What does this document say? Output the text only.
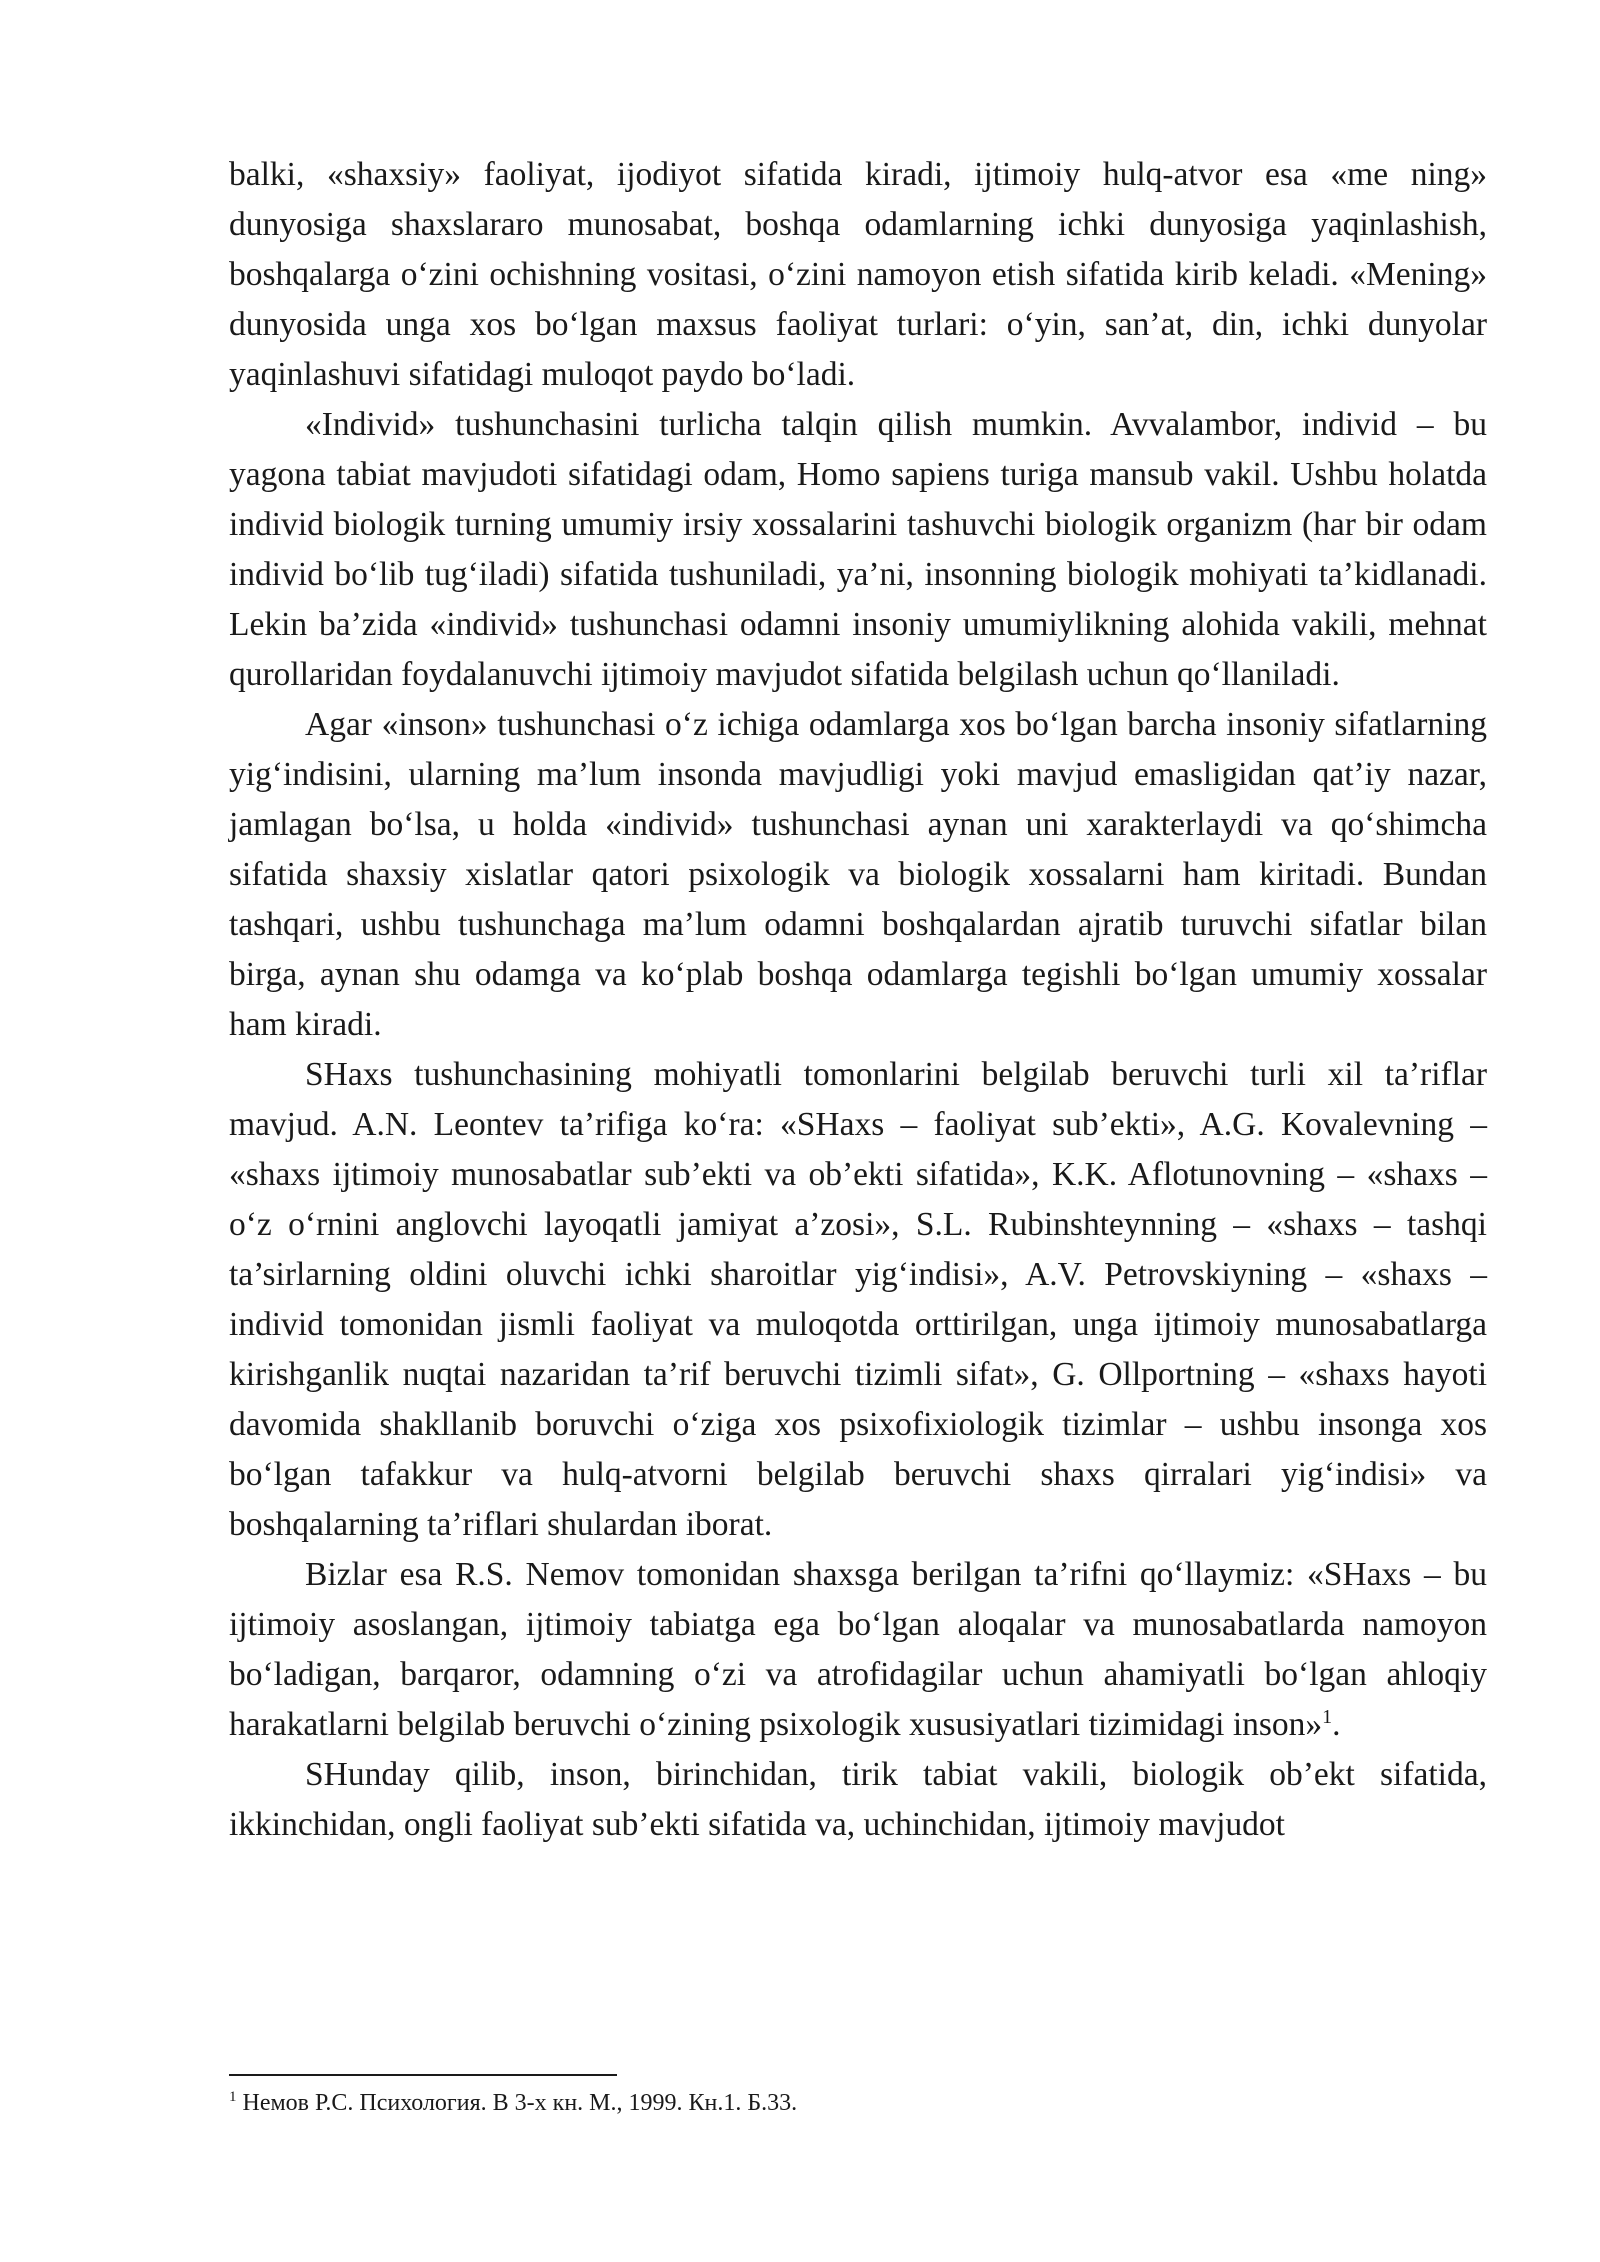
balki, «shaxsiy» faoliyat, ijodiyot sifatida kiradi, ijtimoiy hulq-atvor esa «me ning» dunyosiga shaxslararo munosabat, boshqa odamlarning ichki dunyosiga yaqinlashish, boshqalarga o‘zini ochishning vositasi, o‘zini namoyon etish sifatida kirib keladi. «Mening» dunyosida unga xos bo‘lgan maxsus faoliyat turlari: o‘yin, san’at, din, ichki dunyolar yaqinlashuvi sifatidagi muloqot paydo bo‘ladi.

«Individ» tushunchasini turlicha talqin qilish mumkin. Avvalambor, individ – bu yagona tabiat mavjudoti sifatidagi odam, Homo sapiens turiga mansub vakil. Ushbu holatda individ biologik turning umumiy irsiy xossalarini tashuvchi biologik organizm (har bir odam individ bo‘lib tug‘iladi) sifatida tushuniladi, ya’ni, insonning biologik mohiyati ta’kidlanadi. Lekin ba’zida «individ» tushunchasi odamni insoniy umumiylikning alohida vakili, mehnat qurollaridan foydalanuvchi ijtimoiy mavjudot sifatida belgilash uchun qo‘llaniladi.

Agar «inson» tushunchasi o‘z ichiga odamlarga xos bo‘lgan barcha insoniy sifatlarning yig‘indisini, ularning ma’lum insonda mavjudligi yoki mavjud emasligidan qat’iy nazar, jamlagan bo‘lsa, u holda «individ» tushunchasi aynan uni xarakterlaydi va qo‘shimcha sifatida shaxsiy xislatlar qatori psixologik va biologik xossalarni ham kiritadi. Bundan tashqari, ushbu tushunchaga ma’lum odamni boshqalardan ajratib turuvchi sifatlar bilan birga, aynan shu odamga va ko‘plab boshqa odamlarga tegishli bo‘lgan umumiy xossalar ham kiradi.

SHaxs tushunchasining mohiyatli tomonlarini belgilab beruvchi turli xil ta’riflar mavjud. A.N. Leontev ta’rifiga ko‘ra: «SHaxs – faoliyat sub’ekti», A.G. Kovalevning – «shaxs ijtimoiy munosabatlar sub’ekti va ob’ekti sifatida», K.K. Aflotunovning – «shaxs – o‘z o‘rnini anglovchi layoqatli jamiyat a’zosi», S.L. Rubinshteynning – «shaxs – tashqi ta’sirlarning oldini oluvchi ichki sharoitlar yig‘indisi», A.V. Petrovskiyning – «shaxs – individ tomonidan jismli faoliyat va muloqotda orttirilgan, unga ijtimoiy munosabatlarga kirishganlik nuqtai nazaridan ta’rif beruvchi tizimli sifat», G. Ollportning – «shaxs hayoti davomida shakllanib boruvchi o‘ziga xos psixofixiologik tizimlar – ushbu insonga xos bo‘lgan tafakkur va hulq-atvorni belgilab beruvchi shaxs qirralari yig‘indisi» va boshqalarning ta’riflari shulardan iborat.

Bizlar esa R.S. Nemov tomonidan shaxsga berilgan ta’rifni qo‘llaymiz: «SHaxs – bu ijtimoiy asoslangan, ijtimoiy tabiatga ega bo‘lgan aloqalar va munosabatlarda namoyon bo‘ladigan, barqaror, odamning o‘zi va atrofidagilar uchun ahamiyatli bo‘lgan ahloqiy harakatlarni belgilab beruvchi o‘zining psixologik xususiyatlari tizimidagi inson»$^1$.

SHunday qilib, inson, birinchidan, tirik tabiat vakili, biologik ob’ekt sifatida, ikkinchidan, ongli faoliyat sub’ekti sifatida va, uchinchidan, ijtimoiy mavjudot

$^1$ Немов Р.С. Психология. В 3-х кн. М., 1999. Кн.1. Б.33.
